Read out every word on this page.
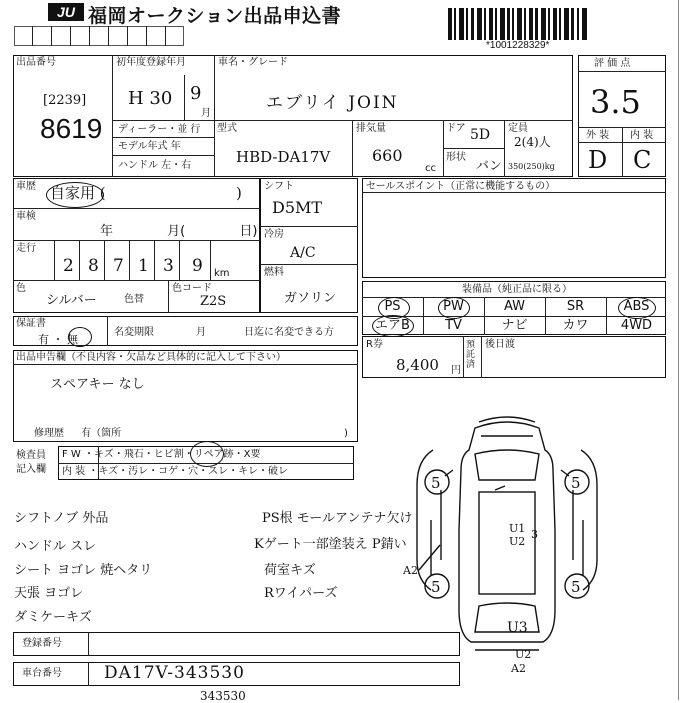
JU 福岡オークション出品申込書
*1001228329*
出品番号
[2239]
8619
初年度登録年月
H 30 9
月
ディーラー・並 行
モデル年式 年
ハンドル 左・右
車名・グレード
エブリイ JOIN
型式
HBD-DA17V
排気量
660
cc
ドア 5D
形状
バン
定員
2(4)人
350(250)kg
評 価 点
3.5
外 装 内 装
D C
車歴 自家用 (	)
車検
年 月( 日)
走行
2 8 7 1 3 9 km
色
シルバー	色替
色コード
Z2S
シフト
D5MT
冷房
A/C
燃料
ガソリン
セールスポイント（正常に機能するもの）
装備品（純正品に限る）
PS	PW	AW	SR	ABS
エアB	TV	ナビ	カワ	4WD
R券
8,400 円
預託済
後日渡
保証書
有 ・ 無
名変期限	月	日迄に名変できる方
出品申告欄（不良内容・欠品など具体的に記入して下さい）
スペアキー なし
修理歴 有（箇所	)
検査員
記入欄
F W ・キズ・飛石・ヒビ割・リペア跡・X要
内 装 ・キズ・汚レ・コゲ・穴・スレ・キレ・破レ
シフトノブ 外品
ハンドル スレ
シート ヨゴレ 焼ヘタリ
天張 ヨゴレ
ダミケーキズ
PS根 モールアンテナ欠け
Kゲート一部塗装え P錆い
荷室キズ
Rワイパーズ
登録番号
車台番号 DA17V-343530
343530
5	5
5	5
U1
U2
3
A2
U3
U2
A2
